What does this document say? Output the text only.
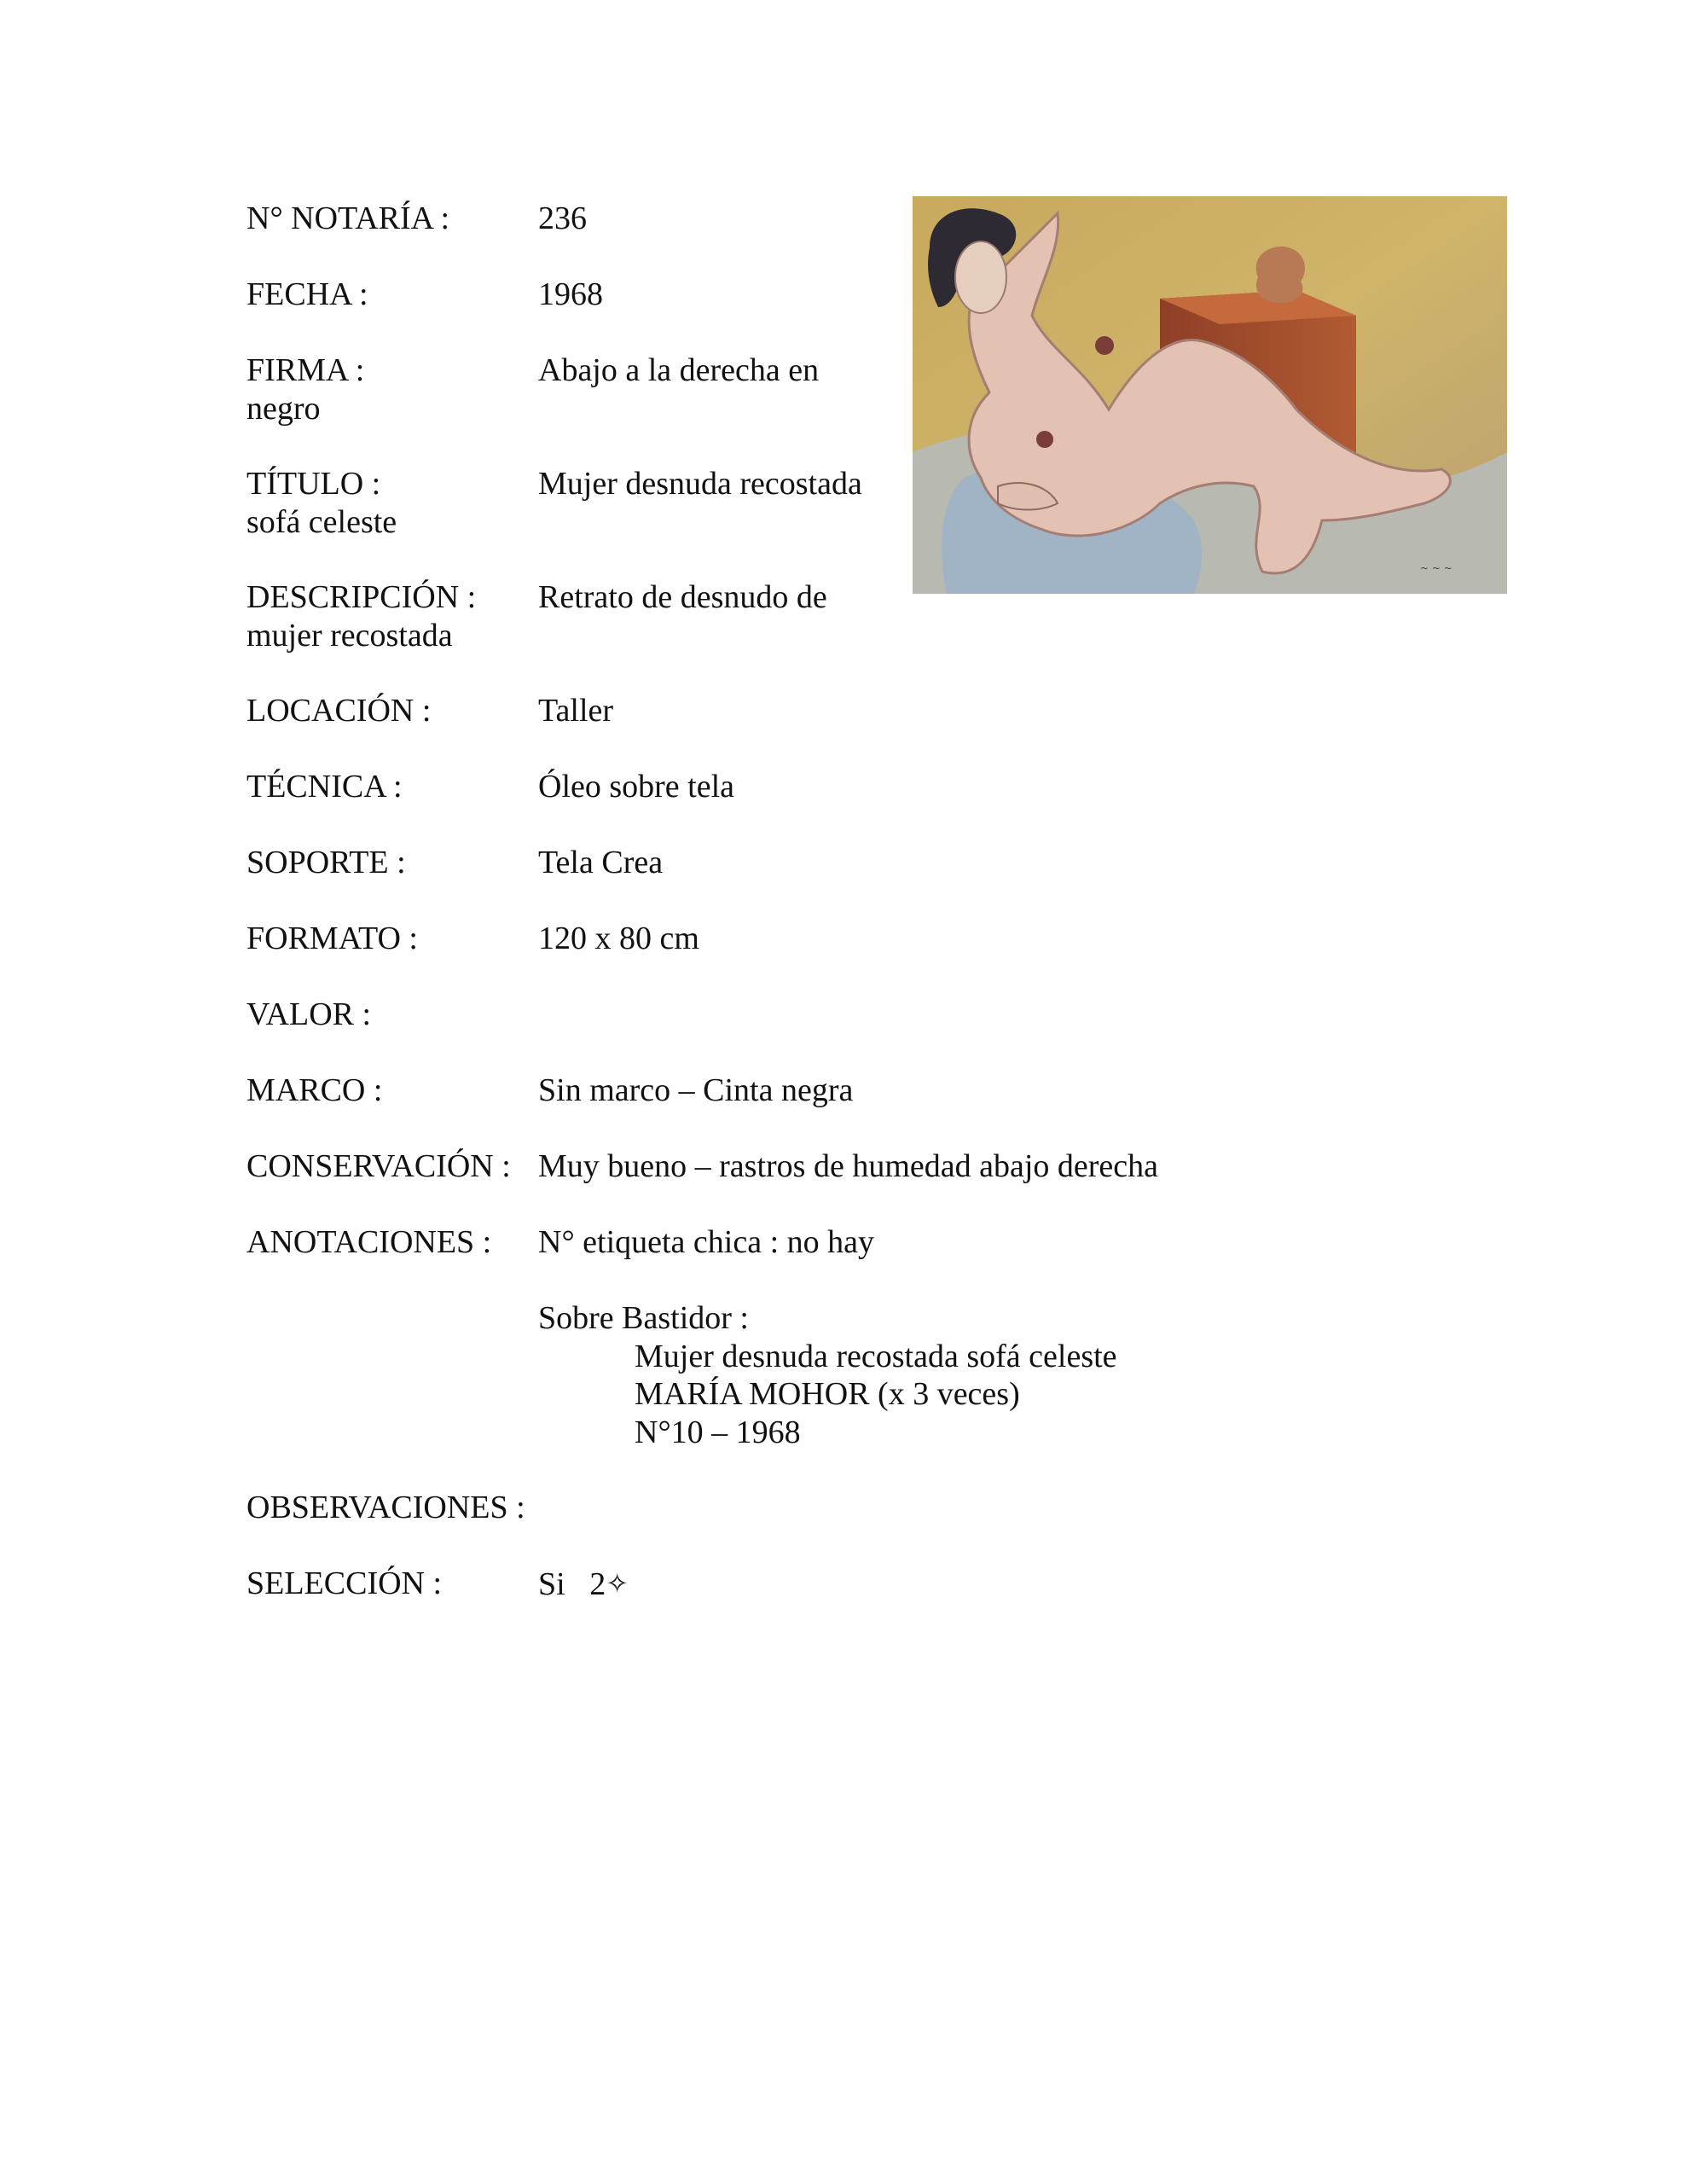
N° NOTARÍA :	236
FECHA :	1968
FIRMA :	Abajo a la derecha en
negro
TÍTULO :	Mujer desnuda recostada
sofá celeste
DESCRIPCIÓN : Retrato de desnudo de
mujer recostada
LOCACIÓN :	Taller
TÉCNICA :	Óleo sobre tela
SOPORTE :	Tela Crea
FORMATO :	120 x 80 cm
VALOR :
MARCO :	Sin marco – Cinta negra
CONSERVACIÓN : Muy bueno – rastros de humedad abajo derecha
ANOTACIONES : N° etiqueta chica : no hay
Sobre Bastidor :
Mujer desnuda recostada sofá celeste
MARÍA MOHOR (x 3 veces)
N°10 – 1968
OBSERVACIONES :
SELECCIÓN :	Si   2✧
~ ~ ~
